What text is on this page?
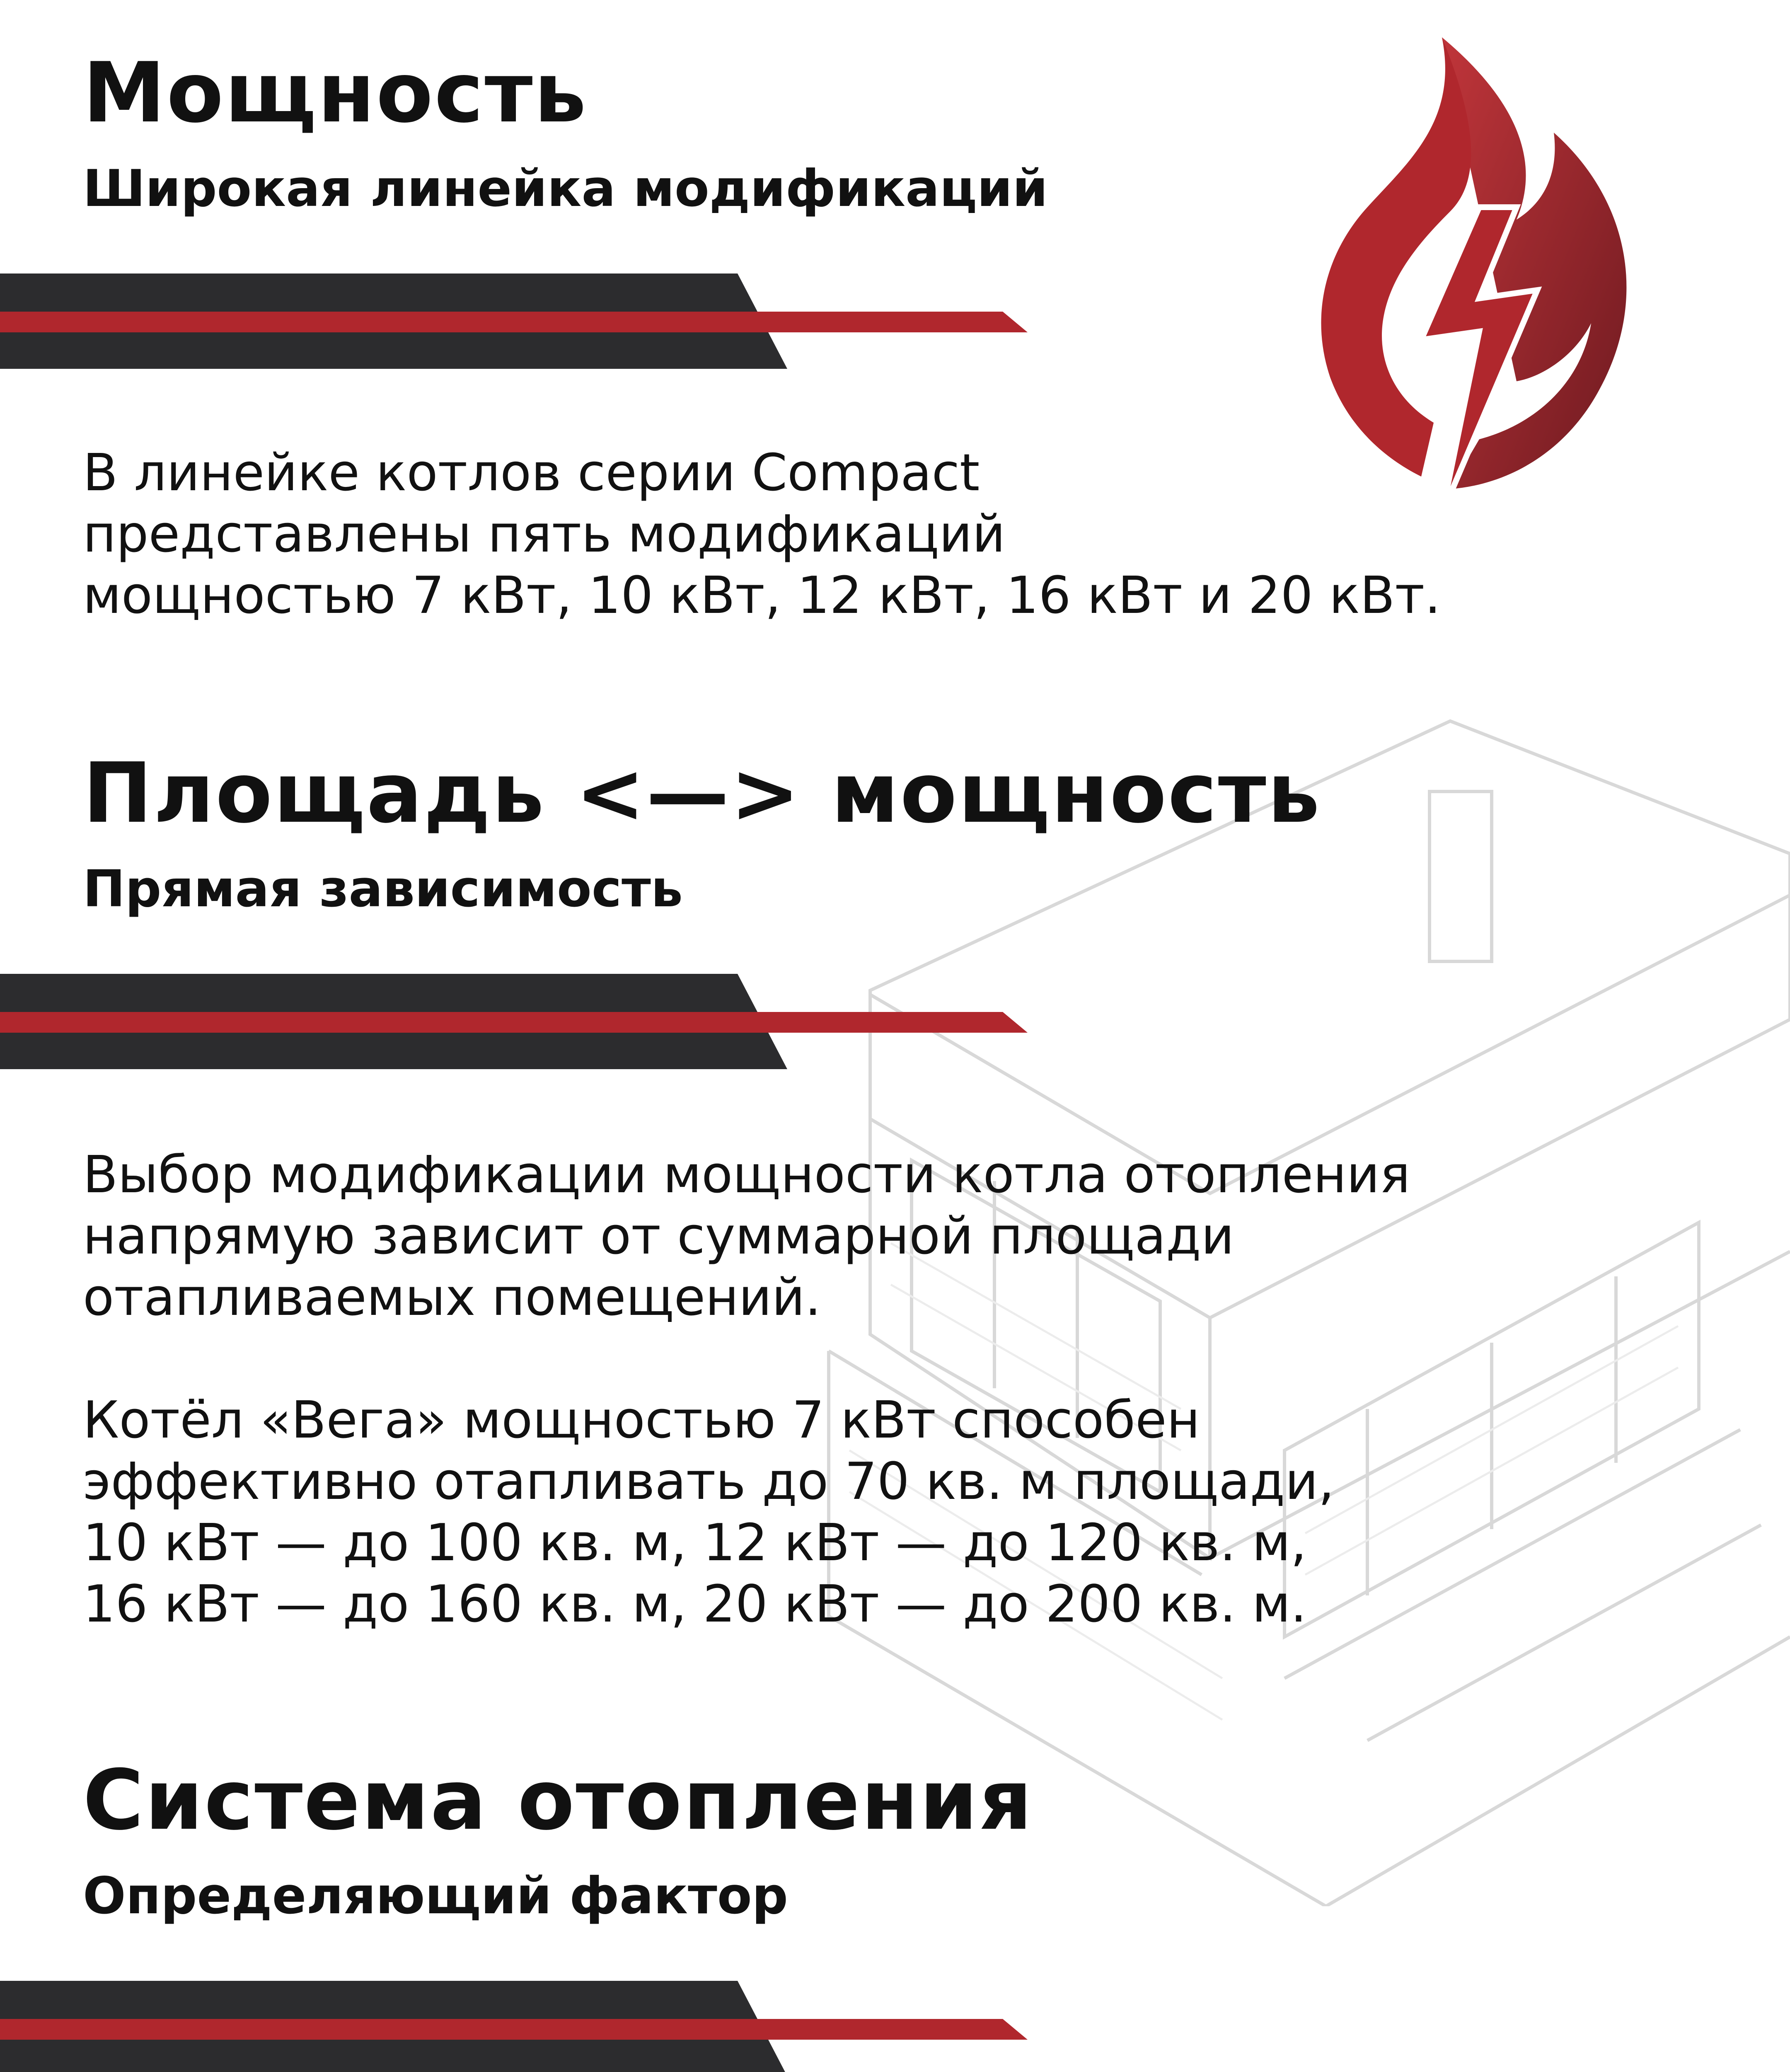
Мощность
Широкая линейка модификаций
В линейке котлов серии Compact
представлены пять модификаций
мощностью 7 кВт, 10 кВт, 12 кВт, 16 кВт и 20 кВт.
Площадь <—> мощность
Прямая зависимость
Выбор модификации мощности котла отопления
напрямую зависит от суммарной площади
отапливаемых помещений.
Котёл «Вега» мощностью 7 кВт способен
эффективно отапливать до 70 кв. м площади,
10 кВт — до 100 кв. м, 12 кВт — до 120 кв. м,
16 кВт — до 160 кв. м, 20 кВт — до 200 кв. м.
Система отопления
Определяющий фактор
